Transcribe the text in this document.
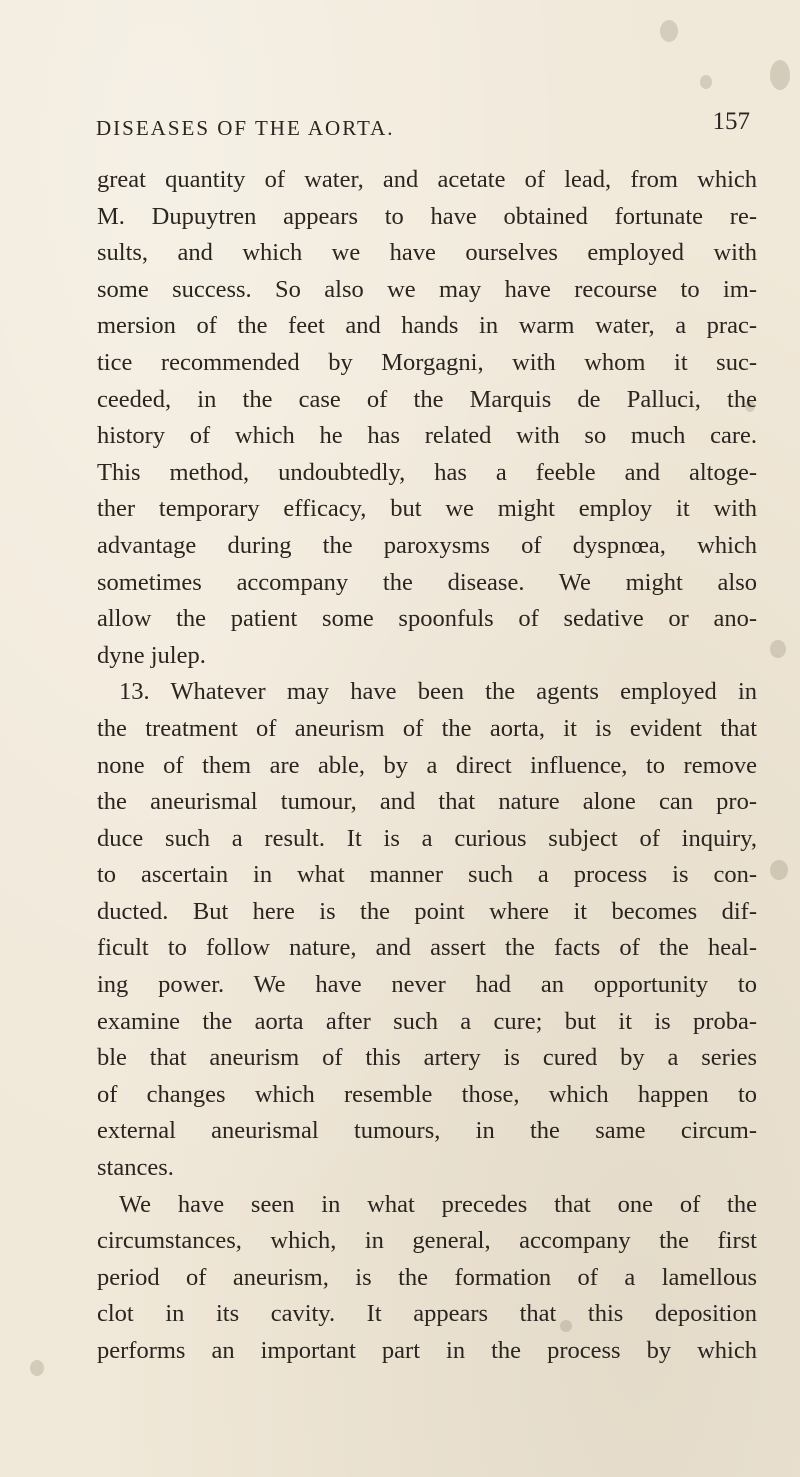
DISEASES OF THE AORTA.	157
great quantity of water, and acetate of lead, from which
M. Dupuytren appears to have obtained fortunate re-
sults, and which we have ourselves employed with
some success. So also we may have recourse to im-
mersion of the feet and hands in warm water, a prac-
tice recommended by Morgagni, with whom it suc-
ceeded, in the case of the Marquis de Palluci, the
history of which he has related with so much care.
This method, undoubtedly, has a feeble and altoge-
ther temporary efficacy, but we might employ it with
advantage during the paroxysms of dyspnœa, which
sometimes accompany the disease. We might also
allow the patient some spoonfuls of sedative or ano-
dyne julep.
13. Whatever may have been the agents employed in
the treatment of aneurism of the aorta, it is evident that
none of them are able, by a direct influence, to remove
the aneurismal tumour, and that nature alone can pro-
duce such a result. It is a curious subject of inquiry,
to ascertain in what manner such a process is con-
ducted. But here is the point where it becomes dif-
ficult to follow nature, and assert the facts of the heal-
ing power. We have never had an opportunity to
examine the aorta after such a cure; but it is proba-
ble that aneurism of this artery is cured by a series
of changes which resemble those, which happen to
external aneurismal tumours, in the same circum-
stances.
We have seen in what precedes that one of the
circumstances, which, in general, accompany the first
period of aneurism, is the formation of a lamellous
clot in its cavity. It appears that this deposition
performs an important part in the process by which
